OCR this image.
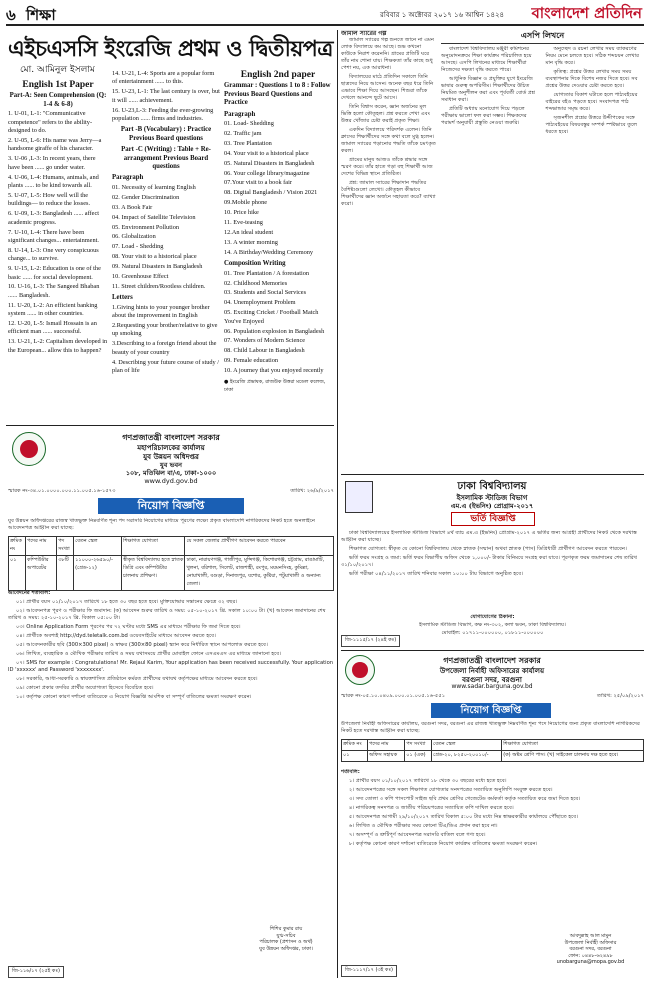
৬ শিক্ষা	রবিবার ১ অক্টোবর ২০১৭ ১৬ আশ্বিন ১৪২৪ বাংলাদেশ প্রতিদিন
এইচএসসি ইংরেজি প্রথম ও দ্বিতীয়পত্র
মো. আমিনুল ইসলাম
English 1st Paper
Part-A: Seen Comprehension (Q: 1-4 & 6-8)

1. U-01, L-1: "Communicative competence" refers to the ability-designed to do.

2. U-05, L-6: His name was Jerry—a handsome giraffe of his character.

3. U-06 ,L-3: In recent years, there have been ...... go under water.

4. U-06, L-4: Humans, animals, and plants ...... to be kind towards all.

5. U-07, L-5: How well will the buildings— to reduce the losses.

6. U-09, L-3: Bangladesh ...... affect academic progress.

7. U-10, L-4: There have been significant changes... entertainment.

8. U-14, L-3: One very conspicuous change... to survive.

9. U-15, L-2: Education is one of the basic ...... for social development.

10. U-16, L-3: The Sangeed Bhaban ...... Bangladesh.

11. U-20, L-2: An efficient banking system ...... in other countries.

12. U-20, L-5: Ismail Hossain is an efficient man ...... successful.

13. U-21, L-2: Capitalism developed in the European... allow this to happen?

14. U-21, L-4: Sports are a popular form of entertainment ...... to this.

15. U-23, L-1: The last century is over, but it will ...... achievement.

16. U-23,L-3: Feeding the ever-growing population ...... firms and industries.

Part -B (Vocabulary) : Practice Previous Board questions
Part -C (Writing) : Table + Re-arrangement Previous Board questions
Paragraph

01. Necessity of learning English

02. Gender Discrimination

03. A Book Fair

04. Impact of Satellite Television

05. Environment Pollution

06. Globalization

07. Load - Shedding

08. Your visit to a historical place

09. Natural Disasters in Bangladesh

10. Greenhouse Effect

11. Street children/Rootless children.

Letters

1.Giving hints to your younger brother about the improvement in English

2.Requesting your brother/relative to give up smoking

3.Describing to a foreign friend about the beauty of your country

4. Describing your future course of study / plan of life

English 2nd paper
Grammar : Questions 1 to 8 : Follow Previous Board Questions and Practice
Paragraph

01. Load- Shedding

02. Traffic jam

03. Tree Plantation

04. Your visit to a historical place

05. Natural Disasters in Bangladesh

06. Your college library/magazine

07.Your visit to a book fair

08. Digital Bangladesh / Vision 2021

09.Mobile phone

10. Price hike

11. Eve-teasing

12.An ideal student

13. A winter morning

14. A Birthday/Wedding Ceremony

Composition Writing

01. Tree Plantation / A forestation

02. Childhood Memories

03. Students and Social Services

04. Unemployment Problem

05. Exciting Cricket / Football Match You've Enjoyed

06. Population explosion in Bangladesh

07. Wonders of Modern Science

08. Child Labour in Bangladesh

09. Female education

10. A journey that you enjoyed recently

● ইংরেজি প্রভাষক, রাজউক উত্তরা মডেল কলেজ, ঢাকা

গণপ্রজাতন্ত্রী বাংলাদেশ সরকার
মহাপরিচালকের কার্যালয়
যুব উন্নয়ন অধিদপ্তর
যুব ভবন
১০৮, মতিঝিল বা/এ, ঢাকা-১০০০
www.dyd.gov.bd
স্মারক নং-৩৪.০১.০০০০.০০০.১১.০০৫.১৬-১৫৭৩	তারিখ: ২৬/৯/২০১৭
নিয়োগ বিজ্ঞপ্তি
যুব উন্নয়ন অধিদপ্তরের রাজস্ব খাতভুক্ত নিম্নবর্ণিত শূন্য পদ সরাসরি নিয়োগের মাধ্যমে পূরণের লক্ষ্যে প্রকৃত বাংলাদেশি নাগরিকদের নিকট হতে অনলাইনে আবেদনপত্র আহ্বান করা যাচ্ছে:
ক্রমিক নং	পদের নাম	পদ সংখ্যা	বেতন স্কেল	শিক্ষাগত যোগ্যতা	যে সকল জেলার প্রার্থীগণ আবেদন করতে পারবেন
০১	কম্পিউটার অপারেটর	৩৮টি	১১০০০-২৬৫৯০/- (গ্রেড-১২)	স্বীকৃত বিশ্ববিদ্যালয় হতে স্নাতক ডিগ্রি এবং কম্পিউটার চালনায় প্রশিক্ষণ।	ঢাকা, নারায়ণগঞ্জ, গাজীপুর, মুন্সিগঞ্জ, কিশোরগঞ্জ, চট্টগ্রাম, রাঙামাটি, খুলনা, বরিশাল, সিলেট, রাজশাহী, রংপুর, ময়মনসিংহ, কুমিল্লা, নোয়াখালী, বগুড়া, দিনাজপুর, যশোর, কুষ্টিয়া, পটুয়াখালী ও অন্যান্য জেলা।
আবেদনের শর্তাবলি:

০১। প্রার্থীর বয়স ০১/১০/২০১৭ তারিখে ১৮ হতে ৩০ বছর হতে হবে। মুক্তিযোদ্ধার সন্তানের ক্ষেত্রে ৩২ বছর।

০২। আবেদনপত্র পূরণ ও পরীক্ষার ফি জমাদান: (ক) আবেদন শুরুর তারিখ ও সময়: ০৫-১০-২০১৭ খ্রি. সকাল ১০:০০ টা। (খ) আবেদন জমাদানের শেষ তারিখ ও সময়: ২৫-১০-২০১৭ খ্রি. বিকাল ০৫:০০ টা।

০৩। Online Application Form পূরণের পর ৭২ ঘণ্টার মধ্যে SMS এর মাধ্যমে পরীক্ষার ফি জমা দিতে হবে।

০৪। প্রার্থীকে অবশ্যই http://dyd.teletalk.com.bd ওয়েবসাইটের মাধ্যমে আবেদন করতে হবে।

০৫। আবেদনকারীর ছবি (300×300 pixel) ও স্বাক্ষর (300×80 pixel) স্ক্যান করে নির্ধারিত স্থানে আপলোড করতে হবে।

০৬। লিখিত, ব্যবহারিক ও মৌখিক পরীক্ষার তারিখ ও সময় যথাসময়ে প্রার্থীর মোবাইল ফোনে এসএমএস এর মাধ্যমে জানানো হবে।

০৭। SMS for example : Congratulations! Mr. Rejaul Karim, Your application has been received successfully. Your application ID 'xxxxxx' and Password 'xxxxxxxx'.

০৮। সরকারি, আধা-সরকারি ও স্বায়ত্তশাসিত প্রতিষ্ঠানে কর্মরত প্রার্থীদের যথাযথ কর্তৃপক্ষের মাধ্যমে আবেদন করতে হবে।

০৯। কোনো প্রকার তদবির প্রার্থীর অযোগ্যতা হিসেবে বিবেচিত হবে।

১০। কর্তৃপক্ষ কোনো কারণ দর্শানো ব্যতিরেকে এ নিয়োগ বিজ্ঞপ্তি আংশিক বা সম্পূর্ণ বাতিলের ক্ষমতা সংরক্ষণ করেন।

শিশির কুমার রায়
যুগ্ম-সচিব
পরিচালক (প্রশাসন ও অর্থ)
যুব উন্নয়ন অধিদপ্তর, ঢাকা।
জি-১১৬/১৭ (২৫ই কঃ)
জামাল স্যারের গল্প

জামাল স্যারের গল্প শুনতে জানে না এমন লোক বিদ্যালয়ে কম আছে। শুভ কখনো কাউকে নিরাশ করেননি। গ্রামের প্রতিটি ঘরে তাঁর নাম শোনা যায়। শিক্ষকতা তাঁর কাছে শুধু পেশা নয়, এক আরাধনা।

বিদ্যালয়ের মাঠে প্রতিদিন সকালে তিনি ছাত্রদের নিয়ে আসেন। অনেক বছর ধরে তিনি এভাবে শিক্ষা দিয়ে আসছেন। শিশুরা তাঁকে দেখলে আনন্দে ছুটে আসে।

তিনি বিশ্বাস করেন, জ্ঞান অর্জনের মূল ভিত্তি হলো কৌতূহল। প্রশ্ন করতে শেখা এবং উত্তর খোঁজার চেষ্টা করাই প্রকৃত শিক্ষা।

একদিন বিদ্যালয়ে পরিদর্শক এলেন। তিনি ক্লাসের শিক্ষার্থীদের সঙ্গে কথা বলে মুগ্ধ হলেন। জামাল স্যারের পড়ানোর পদ্ধতি তাঁকে চমৎকৃত করল।

গ্রামের মানুষ আজও তাঁকে শ্রদ্ধার সঙ্গে স্মরণ করে। তাঁর হাতে গড়া বহু শিক্ষার্থী আজ দেশের বিভিন্ন স্থানে প্রতিষ্ঠিত।

প্রশ্ন: জামাল স্যারের শিক্ষাদান পদ্ধতির বৈশিষ্ট্যগুলো লেখো। কৌতূহল কীভাবে শিক্ষার্থীদের জ্ঞান অর্জনে সহায়তা করে? ব্যাখ্যা করো।

এসপি লিখনে

বাংলাদেশ বিশ্ববিদ্যালয় মঞ্জুরী কমিশনের অনুমোদনক্রমে শিক্ষা কার্যক্রম পরিচালিত হয়ে আসছে। এসপি লিখনের মাধ্যমে শিক্ষার্থীরা নিজেদের দক্ষতা বৃদ্ধি করতে পারে।

আধুনিক বিজ্ঞান ও প্রযুক্তির যুগে ইংরেজি ভাষার গুরুত্ব অপরিসীম। শিক্ষার্থীদের উচিত নিয়মিত অনুশীলন করা এবং পূর্ববর্তী বোর্ড প্রশ্ন সমাধান করা।

প্রতিটি অধ্যায় মনোযোগ দিয়ে পড়লে পরীক্ষায় ভালো ফল করা সম্ভব। শিক্ষকদের পরামর্শ অনুযায়ী প্রস্তুতি নেওয়া জরুরি।

অনুচ্ছেদ ও রচনা লেখার সময় ব্যাকরণের নিয়ম মেনে চলতে হবে। সঠিক শব্দচয়ন লেখার মান বৃদ্ধি করে।

কৃতিত্ব: প্রশ্নের উত্তর লেখার সময় সময় ব্যবস্থাপনার দিকে বিশেষ নজর দিতে হবে। সব প্রশ্নের উত্তর দেওয়ার চেষ্টা করতে হবে।

যোগ্যতার বিকাশ ঘটাতে হলে পাঠ্যবইয়ের বাইরের বইও পড়তে হবে। সংবাদপত্র পাঠ শব্দভান্ডার সমৃদ্ধ করে।

সৃজনশীল প্রশ্নের উত্তরে উদ্দীপকের সঙ্গে পাঠ্যবইয়ের বিষয়বস্তুর সম্পর্ক স্পষ্টভাবে তুলে ধরতে হবে।

ঢাকা বিশ্ববিদ্যালয়
ইসলামিক স্টাডিজ বিভাগ
এম.এ (ইভনিং) প্রোগ্রাম-২০১৭
ভর্তি বিজ্ঞপ্তি

ঢাকা বিশ্ববিদ্যালয়ের ইসলামিক স্টাডিজ বিভাগে ৪র্থ ব্যাচ এম.এ (ইভনিং) প্রোগ্রাম-২০১৭ এ ভর্তির জন্য আগ্রহী প্রার্থীদের নিকট থেকে দরখাস্ত আহ্বান করা যাচ্ছে।

শিক্ষাগত যোগ্যতা: স্বীকৃত যে কোনো বিশ্ববিদ্যালয় থেকে স্নাতক (সম্মান) অথবা স্নাতক (পাস) ডিগ্রিধারী প্রার্থীগণ আবেদন করতে পারবেন।

ভর্তি ফরম সংগ্রহ ও জমা: ভর্তি ফরম বিভাগীয় অফিস থেকে ১,০০০/- টাকার বিনিময়ে সংগ্রহ করা যাবে। পূরণকৃত ফরম জমাদানের শেষ তারিখ ৩১/১০/২০১৭।

ভর্তি পরীক্ষা ০৪/১১/২০১৭ তারিখ শনিবার সকাল ১০:০০ টায় বিভাগে অনুষ্ঠিত হবে।

যোগাযোগের ঠিকানা:
ইসলামিক স্টাডিজ বিভাগ, কক্ষ নং-৩০২, কলা ভবন, ঢাকা বিশ্ববিদ্যালয়।
মোবাইল: ০১৭১১-০০০০০০, ০১৮১১-০০০০০০
জি-১১১৫/১৭ (২৪ই কঃ)
গণপ্রজাতন্ত্রী বাংলাদেশ সরকার
উপজেলা নির্বাহী অফিসারের কার্যালয়
বরগুনা সদর, বরগুনা
www.sadar.barguna.gov.bd
স্মারক নং-০৫.১০.০৪০৯.০০০.০১.০০৫.১৬-৫৫১	তারিখ: ২৫/০৯/২০১৭
নিয়োগ বিজ্ঞপ্তি
উপজেলা নির্বাহী অফিসারের কার্যালয়, বরগুনা সদর, বরগুনা এর রাজস্ব খাতভুক্ত নিম্নবর্ণিত শূন্য পদে নিয়োগের জন্য প্রকৃত বাংলাদেশি নাগরিকদের নিকট হতে দরখাস্ত আহ্বান করা যাচ্ছে:
ক্রমিক নং	পদের নাম	পদ সংখ্যা	বেতন স্কেল	শিক্ষাগত যোগ্যতা
০১	অফিস সহায়ক	০১ (এক)	গ্রেড-২০, ৮২৫০-২০০১০/-	(ক) অষ্টম শ্রেণি পাস। (খ) সাইকেল চালনায় দক্ষ হতে হবে।
শর্তাবলি:

১। প্রার্থীর বয়স ০১/১০/২০১৭ তারিখে ১৮ থেকে ৩০ বছরের মধ্যে হতে হবে।

২। আবেদনপত্রের সঙ্গে সকল শিক্ষাগত যোগ্যতার সনদপত্রের সত্যায়িত অনুলিপি সংযুক্ত করতে হবে।

৩। সদ্য তোলা ৩ কপি পাসপোর্ট সাইজ ছবি প্রথম শ্রেণির গেজেটেড কর্মকর্তা কর্তৃক সত্যায়িত করে জমা দিতে হবে।

৪। নাগরিকত্ব সনদপত্র ও জাতীয় পরিচয়পত্রের সত্যায়িত কপি দাখিল করতে হবে।

৫। আবেদনপত্র আগামী ২৯/১০/২০১৭ তারিখ বিকাল ৫:০০ টার মধ্যে নিম্ন স্বাক্ষরকারীর কার্যালয়ে পৌঁছাতে হবে।

৬। লিখিত ও মৌখিক পরীক্ষার সময় কোনো টিএ/ডিএ প্রদান করা হবে না।

৭। অসম্পূর্ণ ও ত্রুটিপূর্ণ আবেদনপত্র সরাসরি বাতিল বলে গণ্য হবে।

৮। কর্তৃপক্ষ কোনো কারণ দর্শানো ব্যতিরেকে নিয়োগ কার্যক্রম বাতিলের ক্ষমতা সংরক্ষণ করেন।

আবদুল্লাহ আল মামুন
উপজেলা নির্বাহী অফিসার
বরগুনা সদর, বরগুনা
ফোন: ০৪৪৮-৬২৪৯৮
unobarguna@mopa.gov.bd
জি-১১১৭/১৭ (৩ই কঃ)
